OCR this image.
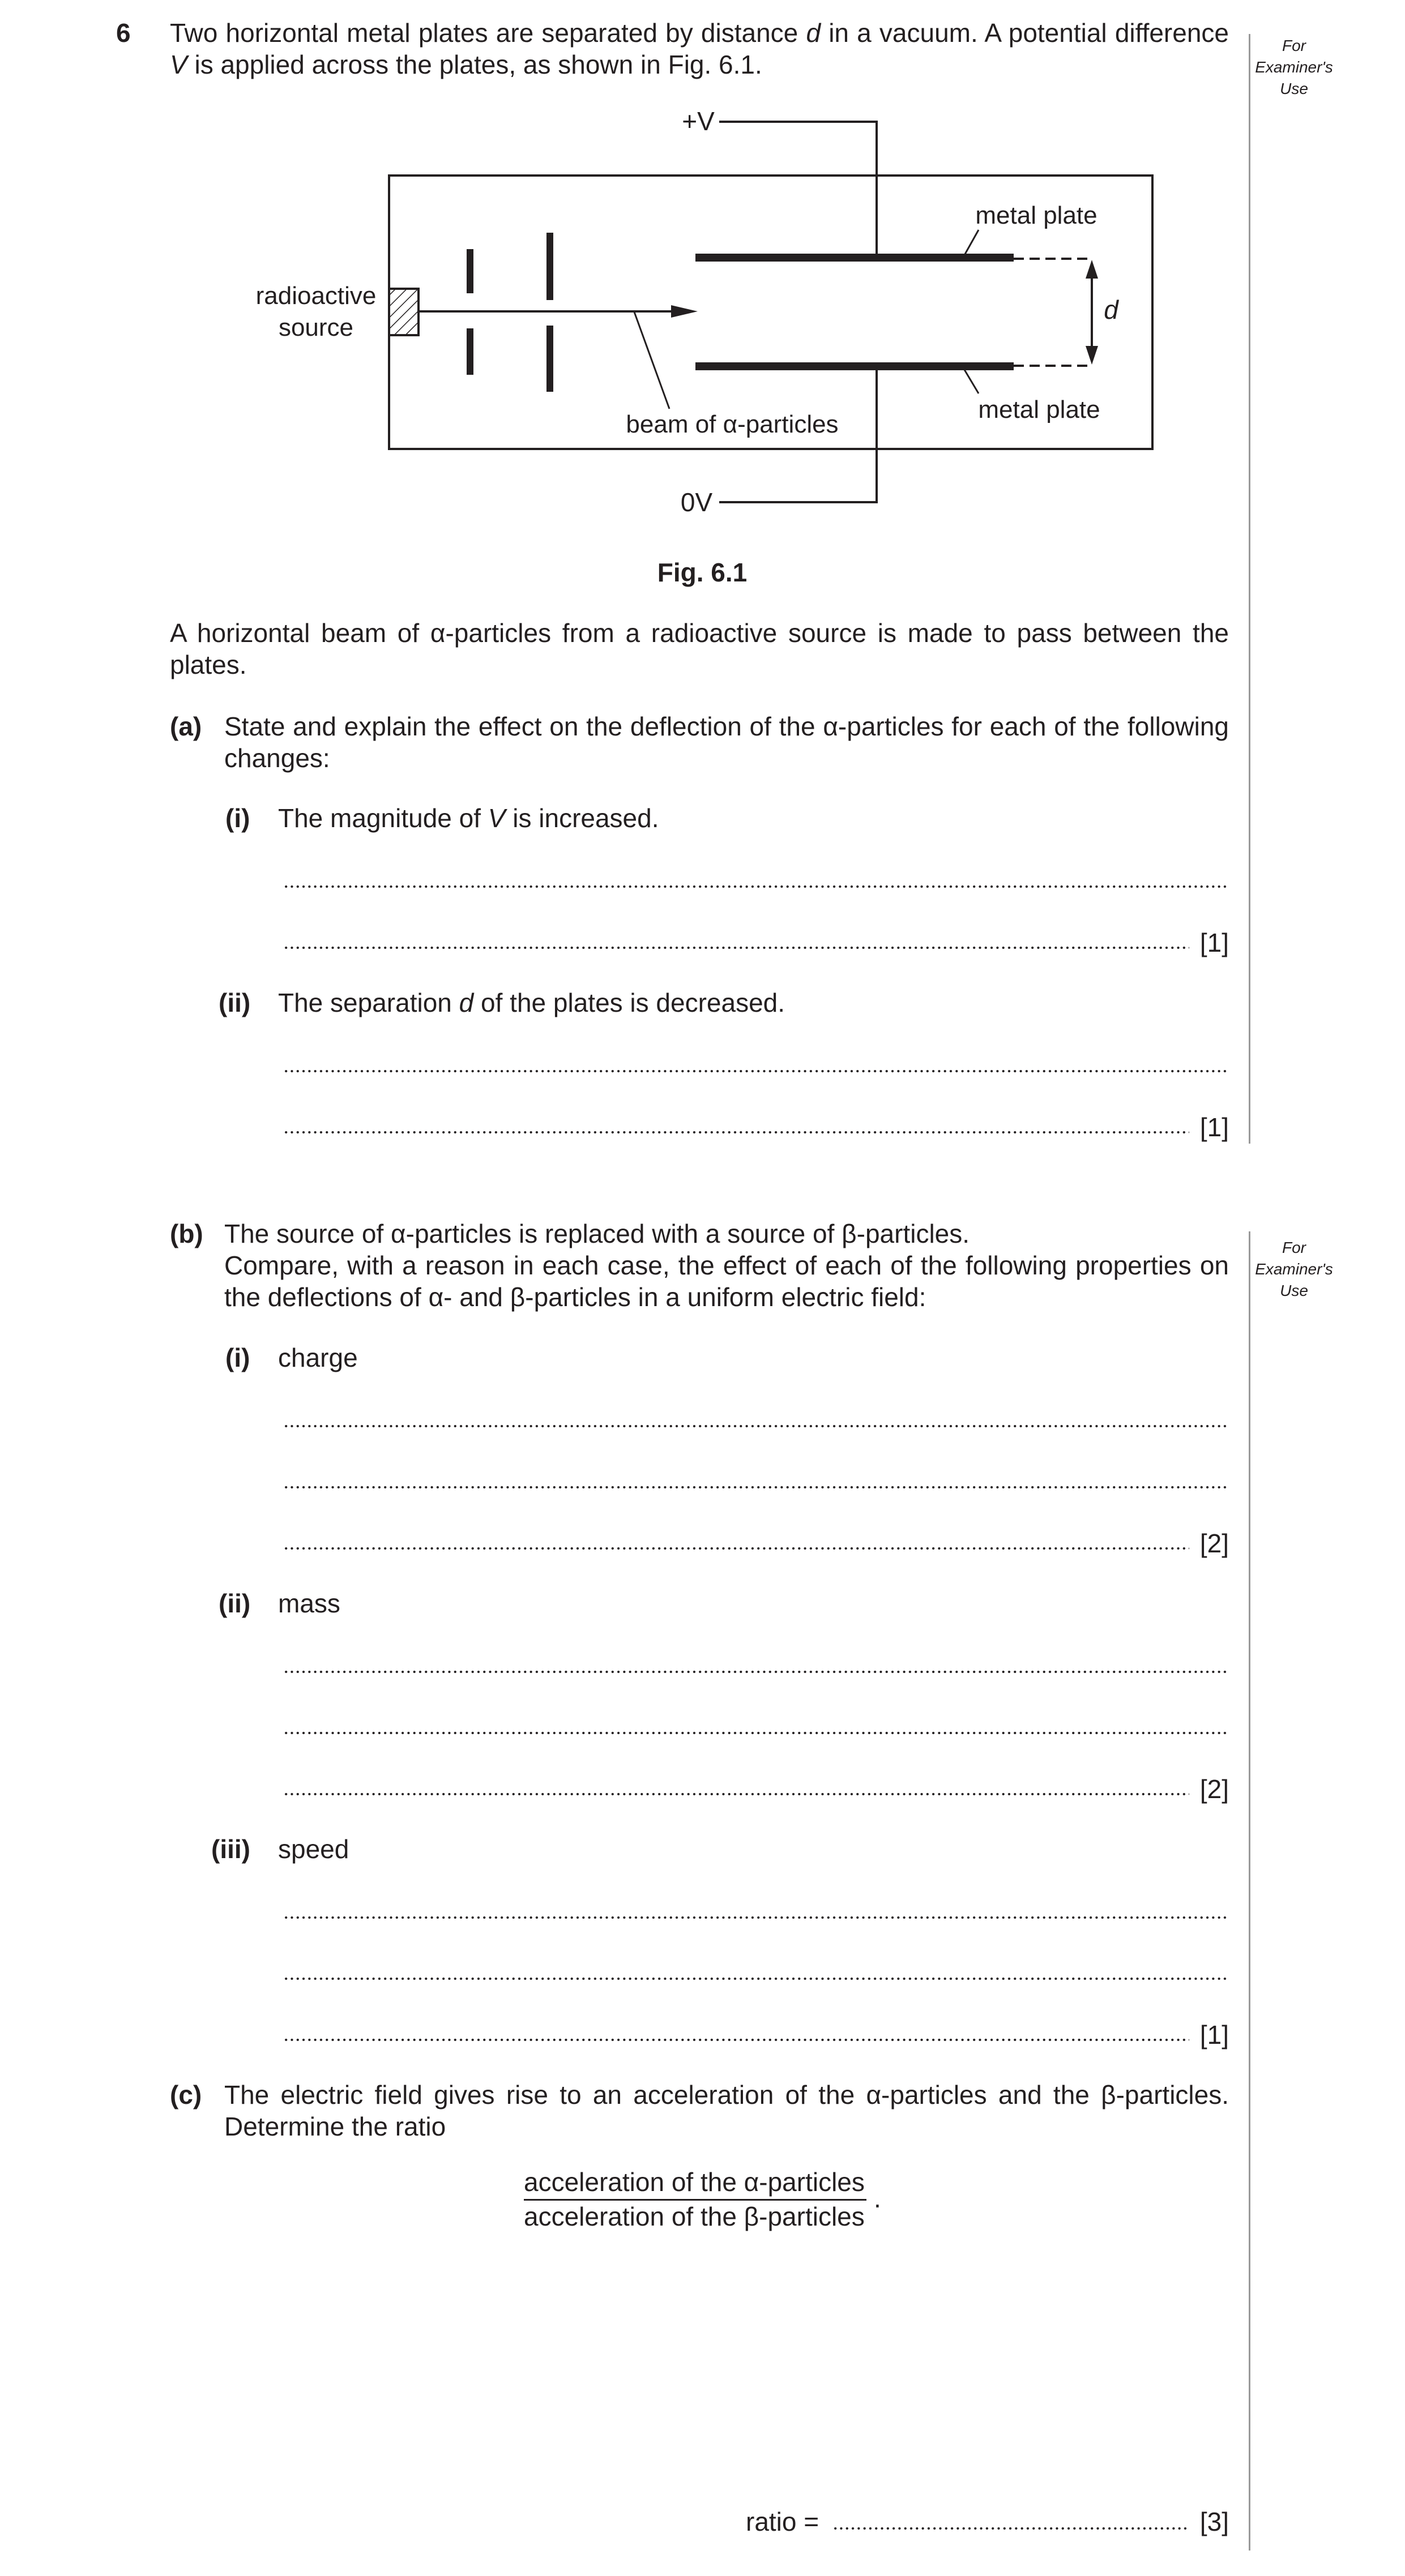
For Examiner's Use
For Examiner's Use
6 Two horizontal metal plates are separated by distance d in a vacuum. A potential difference V is applied across the plates, as shown in Fig. 6.1.
+V
0V
metal plate
metal plate
radioactive
source
beam of α-particles
d
Fig. 6.1
A horizontal beam of α-particles from a radioactive source is made to pass between the plates.
(a) State and explain the effect on the deflection of the α-particles for each of the following changes:
(i) The magnitude of V is increased.
[1]
(ii) The separation d of the plates is decreased.
[1]
(b) The source of α-particles is replaced with a source of β-particles.
Compare, with a reason in each case, the effect of each of the following properties on the deflections of α- and β-particles in a uniform electric field:
(i) charge
[2]
(ii) mass
[2]
(iii) speed
[1]
(c) The electric field gives rise to an acceleration of the α-particles and the β-particles. Determine the ratio
acceleration of the α-particles
acceleration of the β-particles
.
ratio =	[3]
